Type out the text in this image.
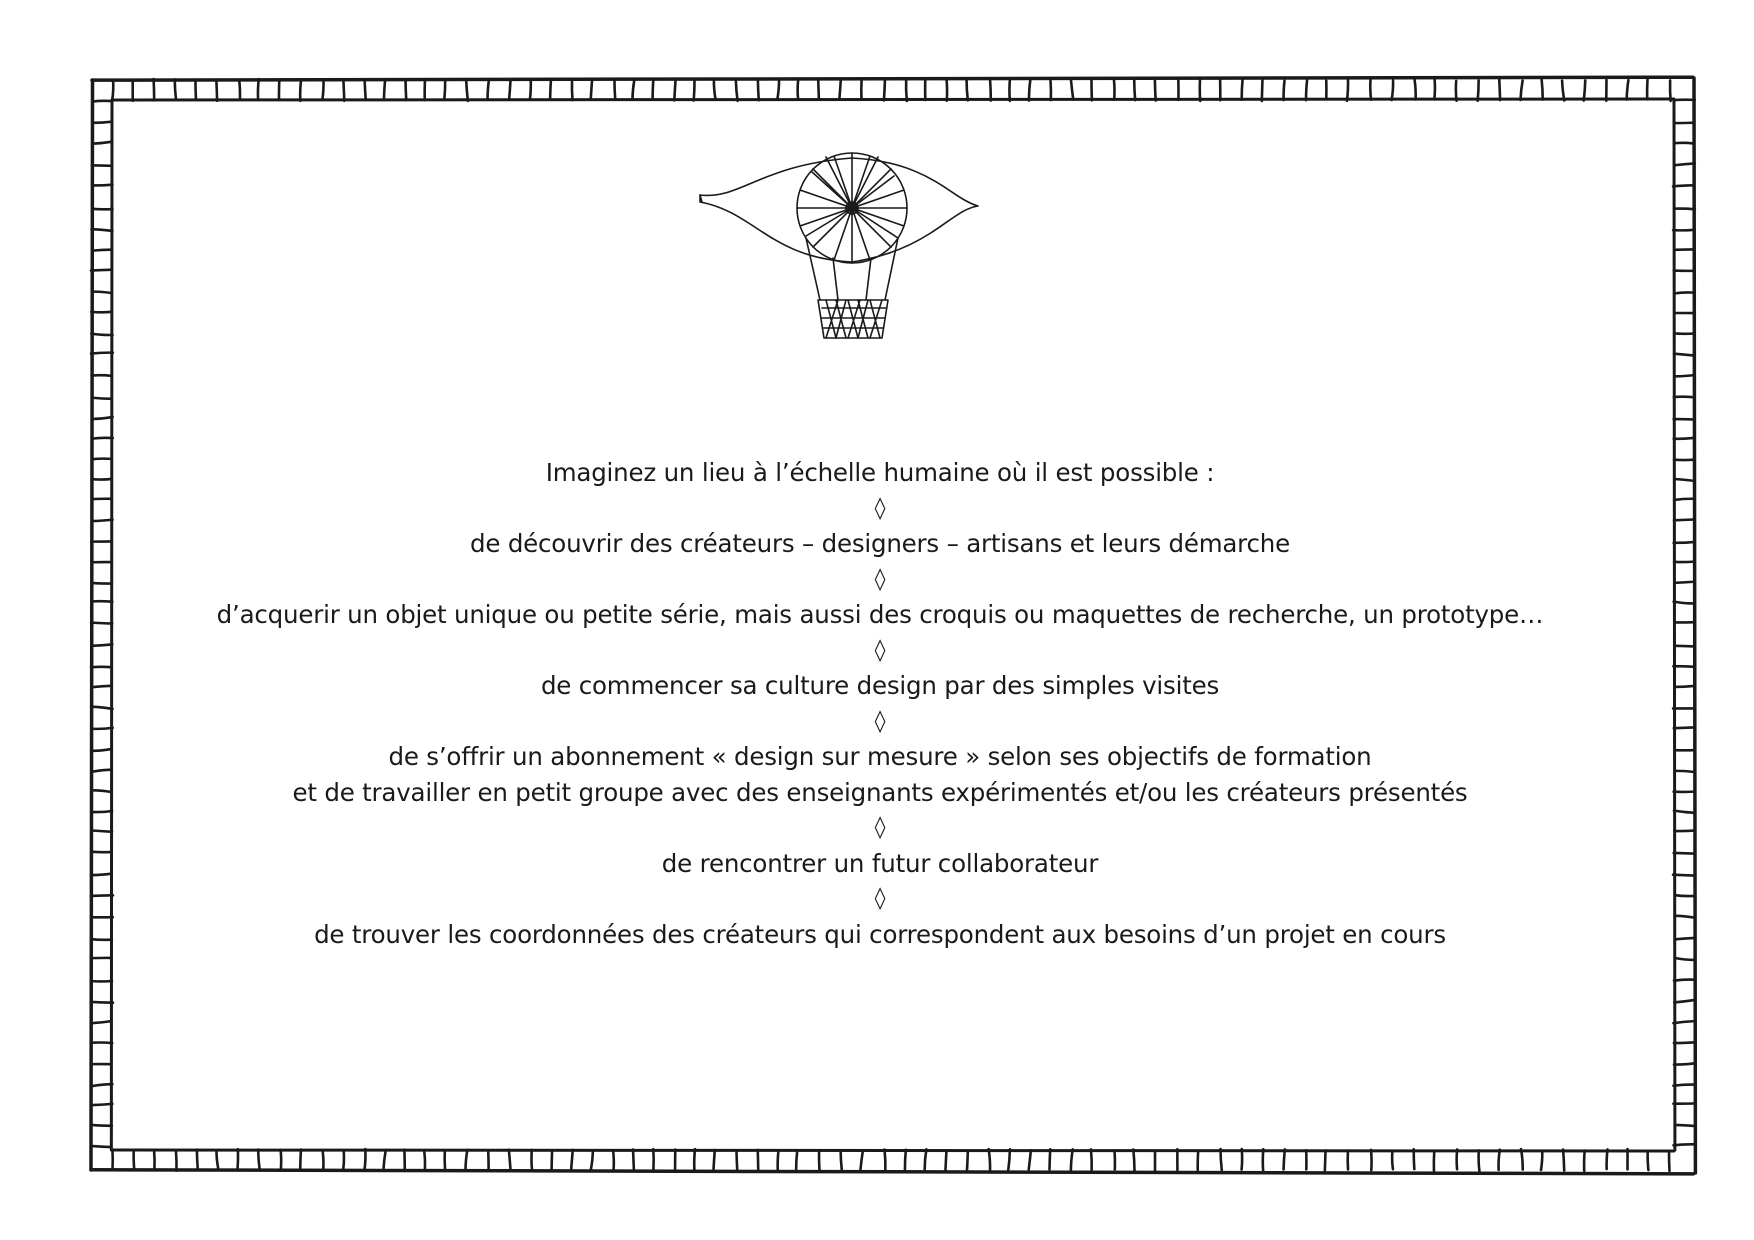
Imaginez un lieu à l’échelle humaine où il est possible :
◊
de découvrir des créateurs – designers – artisans et leurs démarche
◊
d’acquerir un objet unique ou petite série, mais aussi des croquis ou maquettes de recherche, un prototype…
◊
de commencer sa culture design par des simples visites
◊
de s’offrir un abonnement « design sur mesure » selon ses objectifs de formation
et de travailler en petit groupe avec des enseignants expérimentés et/ou les créateurs présentés
◊
de rencontrer un futur collaborateur
◊
de trouver les coordonnées des créateurs qui correspondent aux besoins d’un projet en cours
